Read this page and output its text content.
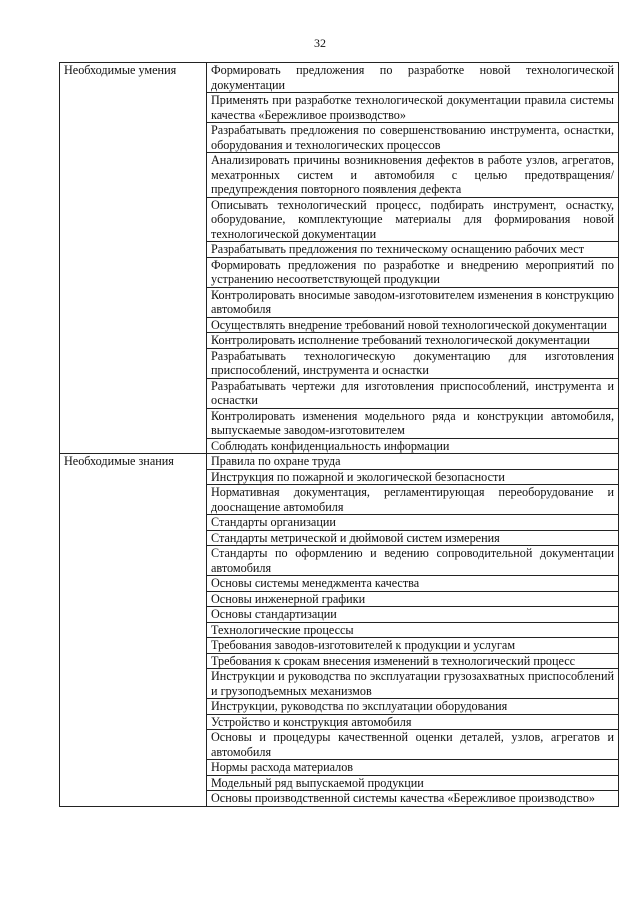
32
Необходимые умения	Формировать предложения по разработке новой технологической документации
	Применять при разработке технологической документации правила системы качества «Бережливое производство»
	Разрабатывать предложения по совершенствованию инструмента, оснастки, оборудования и технологических процессов
	Анализировать причины возникновения дефектов в работе узлов, агрегатов, мехатронных систем и автомобиля с целью предотвращения/предупреждения повторного появления дефекта
	Описывать технологический процесс, подбирать инструмент, оснастку, оборудование, комплектующие материалы для формирования новой технологической документации
	Разрабатывать предложения по техническому оснащению рабочих мест
	Формировать предложения по разработке и внедрению мероприятий по устранению несоответствующей продукции
	Контролировать вносимые заводом-изготовителем изменения в конструкцию автомобиля
	Осуществлять внедрение требований новой технологической документации
	Контролировать исполнение требований технологической документации
	Разрабатывать технологическую документацию для изготовления приспособлений, инструмента и оснастки
	Разрабатывать чертежи для изготовления приспособлений, инструмента и оснастки
	Контролировать изменения модельного ряда и конструкции автомобиля, выпускаемые заводом-изготовителем
	Соблюдать конфиденциальность информации
Необходимые знания	Правила по охране труда
	Инструкция по пожарной и экологической безопасности
	Нормативная документация, регламентирующая переоборудование и дооснащение автомобиля
	Стандарты организации
	Стандарты метрической и дюймовой систем измерения
	Стандарты по оформлению и ведению сопроводительной документации автомобиля
	Основы системы менеджмента качества
	Основы инженерной графики
	Основы стандартизации
	Технологические процессы
	Требования заводов-изготовителей к продукции и услугам
	Требования к срокам внесения изменений в технологический процесс
	Инструкции и руководства по эксплуатации грузозахватных приспособлений и грузоподъемных механизмов
	Инструкции, руководства по эксплуатации оборудования
	Устройство и конструкция автомобиля
	Основы и процедуры качественной оценки деталей, узлов, агрегатов и автомобиля
	Нормы расхода материалов
	Модельный ряд выпускаемой продукции
	Основы производственной системы качества «Бережливое производство»
